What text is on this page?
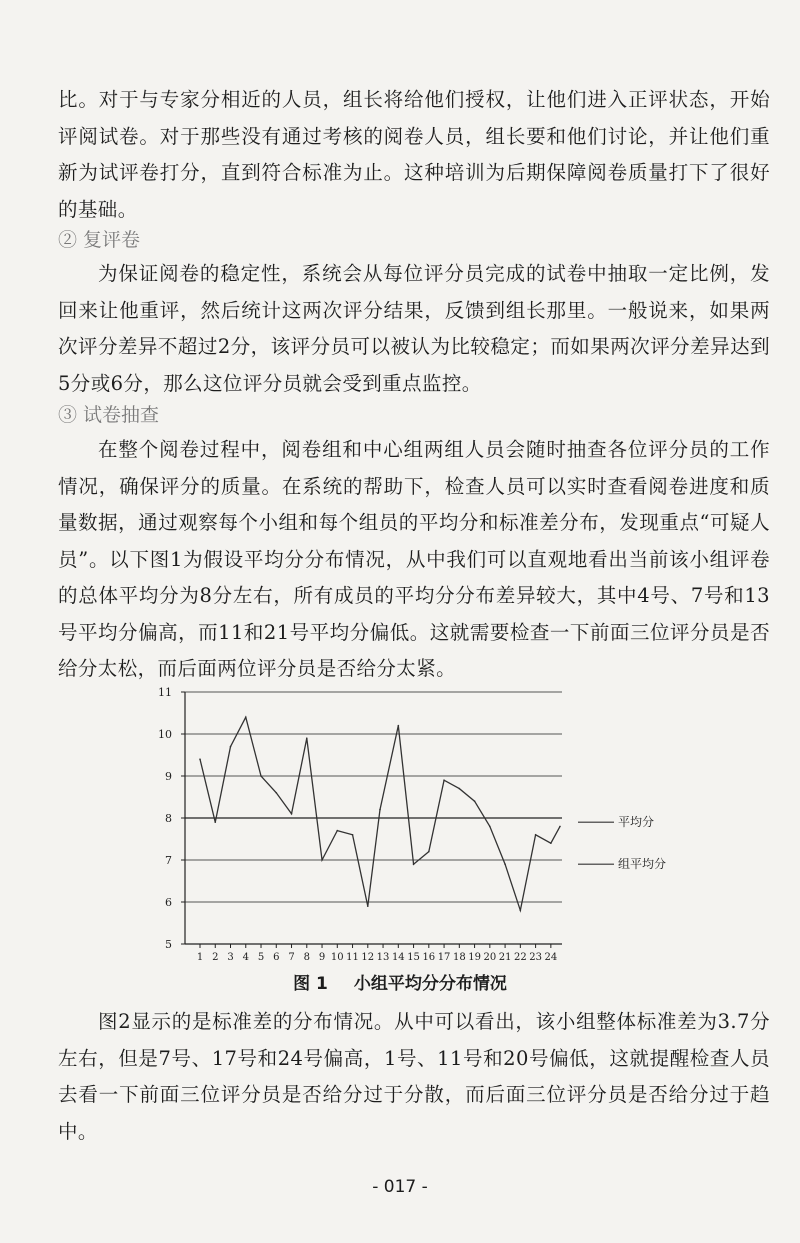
比。对于与专家分相近的人员，组长将给他们授权，让他们进入正评状态，开始评阅试卷。对于那些没有通过考核的阅卷人员，组长要和他们讨论，并让他们重新为试评卷打分，直到符合标准为止。这种培训为后期保障阅卷质量打下了很好的基础。

② 复评卷

为保证阅卷的稳定性，系统会从每位评分员完成的试卷中抽取一定比例，发回来让他重评，然后统计这两次评分结果，反馈到组长那里。一般说来，如果两次评分差异不超过2分，该评分员可以被认为比较稳定；而如果两次评分差异达到5分或6分，那么这位评分员就会受到重点监控。

③ 试卷抽查

在整个阅卷过程中，阅卷组和中心组两组人员会随时抽查各位评分员的工作情况，确保评分的质量。在系统的帮助下，检查人员可以实时查看阅卷进度和质量数据，通过观察每个小组和每个组员的平均分和标准差分布，发现重点“可疑人员”。以下图1为假设平均分分布情况，从中我们可以直观地看出当前该小组评卷的总体平均分为8分左右，所有成员的平均分分布差异较大，其中4号、7号和13号平均分偏高，而11和21号平均分偏低。这就需要检查一下前面三位评分员是否给分太松，而后面两位评分员是否给分太紧。

5
6
7
8
9
10
11
1 2 3 4 5 6 7 8 9 10 11 12 13 14 15 16 17 18 19 20 21 22 23 24
平均分
组平均分
图 1 小组平均分分布情况

图2显示的是标准差的分布情况。从中可以看出，该小组整体标准差为3.7分左右，但是7号、17号和24号偏高，1号、11号和20号偏低，这就提醒检查人员去看一下前面三位评分员是否给分过于分散，而后面三位评分员是否给分过于趋中。

- 017 -
